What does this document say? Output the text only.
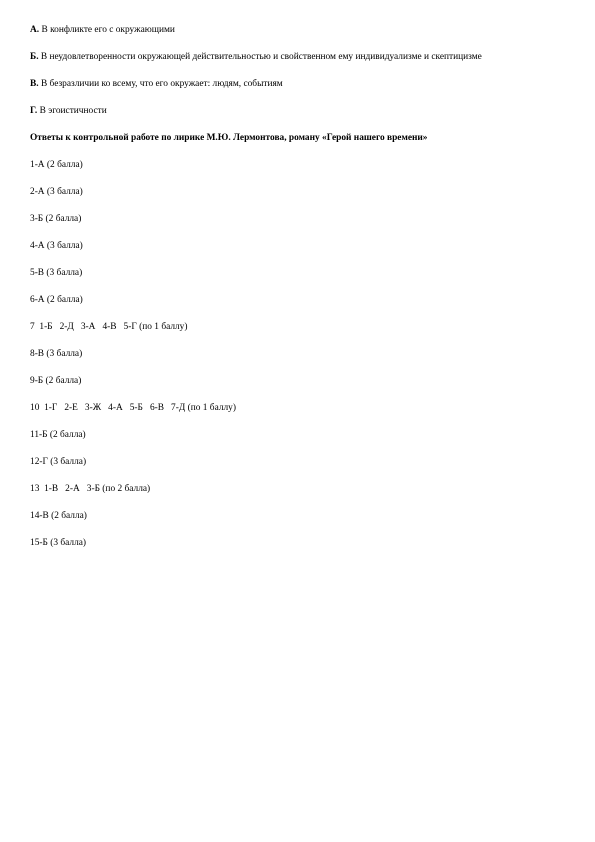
А. В конфликте его с окружающими

Б. В неудовлетворенности окружающей действительностью и свойственном ему индивидуализме и скептицизме

В. В безразличии ко всему, что его окружает: людям, событиям

Г. В эгоистичности

Ответы к контрольной работе по лирике М.Ю. Лермонтова, роману «Герой нашего времени»

1-А (2 балла)

2-А (3 балла)

3-Б (2 балла)

4-А (3 балла)

5-В (3 балла)

6-А (2 балла)

7  1-Б   2-Д   3-А   4-В   5-Г (по 1 баллу)

8-В (3 балла)

9-Б (2 балла)

10  1-Г   2-Е   3-Ж   4-А   5-Б   6-В   7-Д (по 1 баллу)

11-Б (2 балла)

12-Г (3 балла)

13  1-В   2-А   3-Б (по 2 балла)

14-В (2 балла)

15-Б (3 балла)
